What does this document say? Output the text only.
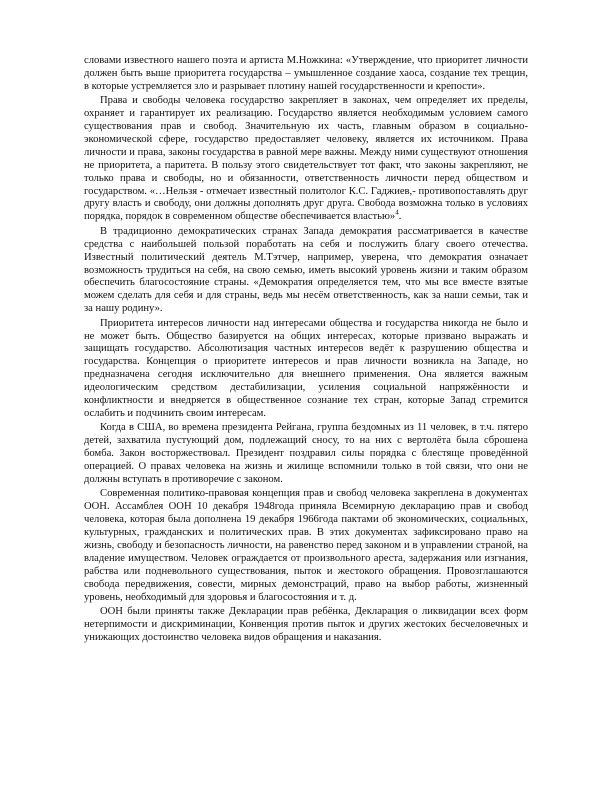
словами известного нашего поэта и артиста М.Ножкина: «Утверждение, что приоритет личности должен быть выше приоритета государства – умышленное создание хаоса, создание тех трещин, в которые устремляется зло и разрывает плотину нашей государственности и крепости».

Права и свободы человека государство закрепляет в законах, чем определяет их пределы, охраняет и гарантирует их реализацию. Государство является необходимым условием самого существования прав и свобод. Значительную их часть, главным образом в социально-экономической сфере, государство предоставляет человеку, является их источником. Права личности и права, законы государства в равной мере важны. Между ними существуют отношения не приоритета, а паритета. В пользу этого свидетельствует тот факт, что законы закрепляют, не только права и свободы, но и обязанности, ответственность личности перед обществом и государством. «…Нельзя - отмечает известный политолог К.С. Гаджиев,- противопоставлять друг другу власть и свободу, они должны дополнять друг друга. Свобода возможна только в условиях порядка, порядок в современном обществе обеспечивается властью»$^4$.

В традиционно демократических странах Запада демократия рассматривается в качестве средства с наибольшей пользой поработать на себя и послужить благу своего отечества. Известный политический деятель М.Тэтчер, например, уверена, что демократия означает возможность трудиться на себя, на свою семью, иметь высокий уровень жизни и таким образом обеспечить благосостояние страны. «Демократия определяется тем, что мы все вместе взятые можем сделать для себя и для страны, ведь мы несём ответственность, как за наши семьи, так и за нашу родину».

Приоритета интересов личности над интересами общества и государства никогда не было и не может быть. Общество базируется на общих интересах, которые призвано выражать и защищать государство. Абсолютизация частных интересов ведёт к разрушению общества и государства. Концепция о приоритете интересов и прав личности возникла на Западе, но предназначена сегодня исключительно для внешнего применения. Она является важным идеологическим средством дестабилизации, усиления социальной напряжённости и конфликтности и внедряется в общественное сознание тех стран, которые Запад стремится ослабить и подчинить своим интересам.

Когда в США, во времена президента Рейгана, группа бездомных из 11 человек, в т.ч. пятеро детей, захватила пустующий дом, подлежащий сносу, то на них с вертолёта была сброшена бомба. Закон восторжествовал. Президент поздравил силы порядка с блестяще проведённой операцией. О правах человека на жизнь и жилище вспомнили только в той связи, что они не должны вступать в противоречие с законом.

Современная политико-правовая концепция прав и свобод человека закреплена в документах ООН. Ассамблея ООН 10 декабря 1948года приняла Всемирную декларацию прав и свобод человека, которая была дополнена 19 декабря 1966года пактами об экономических, социальных, культурных, гражданских и политических прав. В этих документах зафиксировано право на жизнь, свободу и безопасность личности, на равенство перед законом и в управлении страной, на владение имуществом. Человек ограждается от произвольного ареста, задержания или изгнания, рабства или подневольного существования, пыток и жестокого обращения. Провозглашаются свобода передвижения, совести, мирных демонстраций, право на выбор работы, жизненный уровень, необходимый для здоровья и благосостояния и т. д.

ООН были приняты также Декларации прав ребёнка, Декларация о ликвидации всех форм нетерпимости и дискриминации, Конвенция против пыток и других жестоких бесчеловечных и унижающих достоинство человека видов обращения и наказания.
